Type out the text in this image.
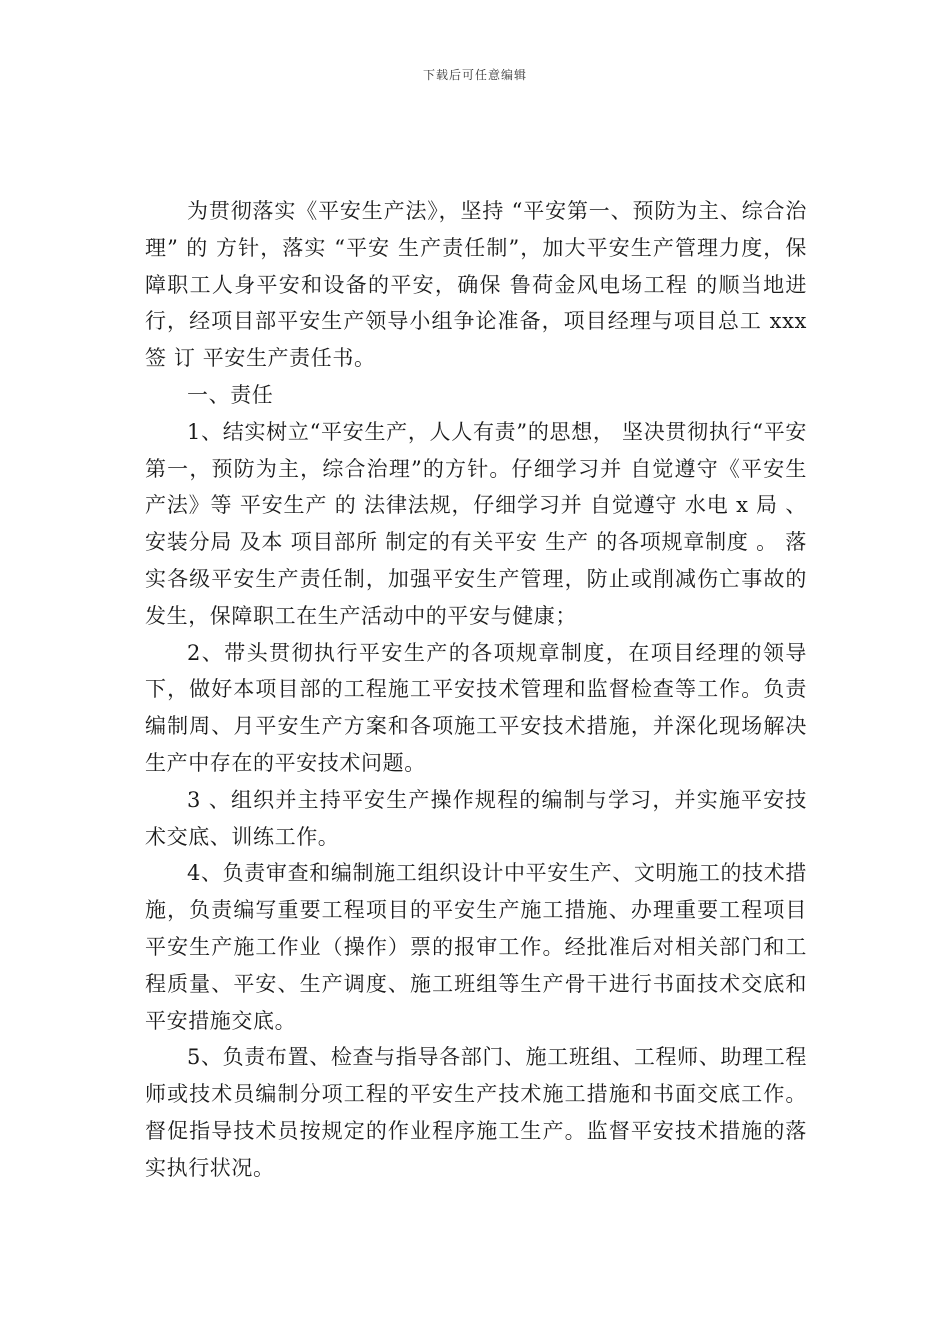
下载后可任意编辑

为贯彻落实《平安生产法》，坚持 “平安第一、预防为主、综合治理” 的 方针，落实 “平安 生产责任制”，加大平安生产管理力度，保障职工人身平安和设备的平安，确保 鲁荷金风电场工程 的顺当地进行，经项目部平安生产领导小组争论准备，项目经理与项目总工 xxx 签 订 平安生产责任书。

一、责任

1、结实树立“平安生产，人人有责”的思想， 坚决贯彻执行“平安第一，预防为主，综合治理”的方针。仔细学习并 自觉遵守《平安生产法》等 平安生产 的 法律法规，仔细学习并 自觉遵守 水电 x 局 、安装分局 及本 项目部所 制定的有关平安 生产 的各项规章制度 。 落实各级平安生产责任制，加强平安生产管理，防止或削减伤亡事故的发生，保障职工在生产活动中的平安与健康；

2、带头贯彻执行平安生产的各项规章制度，在项目经理的领导下，做好本项目部的工程施工平安技术管理和监督检查等工作。负责编制周、月平安生产方案和各项施工平安技术措施，并深化现场解决生产中存在的平安技术问题。

3 、组织并主持平安生产操作规程的编制与学习，并实施平安技术交底、训练工作。

4、负责审查和编制施工组织设计中平安生产、文明施工的技术措施，负责编写重要工程项目的平安生产施工措施、办理重要工程项目平安生产施工作业（操作）票的报审工作。经批准后对相关部门和工程质量、平安、生产调度、施工班组等生产骨干进行书面技术交底和平安措施交底。

5、负责布置、检查与指导各部门、施工班组、工程师、助理工程师或技术员编制分项工程的平安生产技术施工措施和书面交底工作。督促指导技术员按规定的作业程序施工生产。监督平安技术措施的落实执行状况。
